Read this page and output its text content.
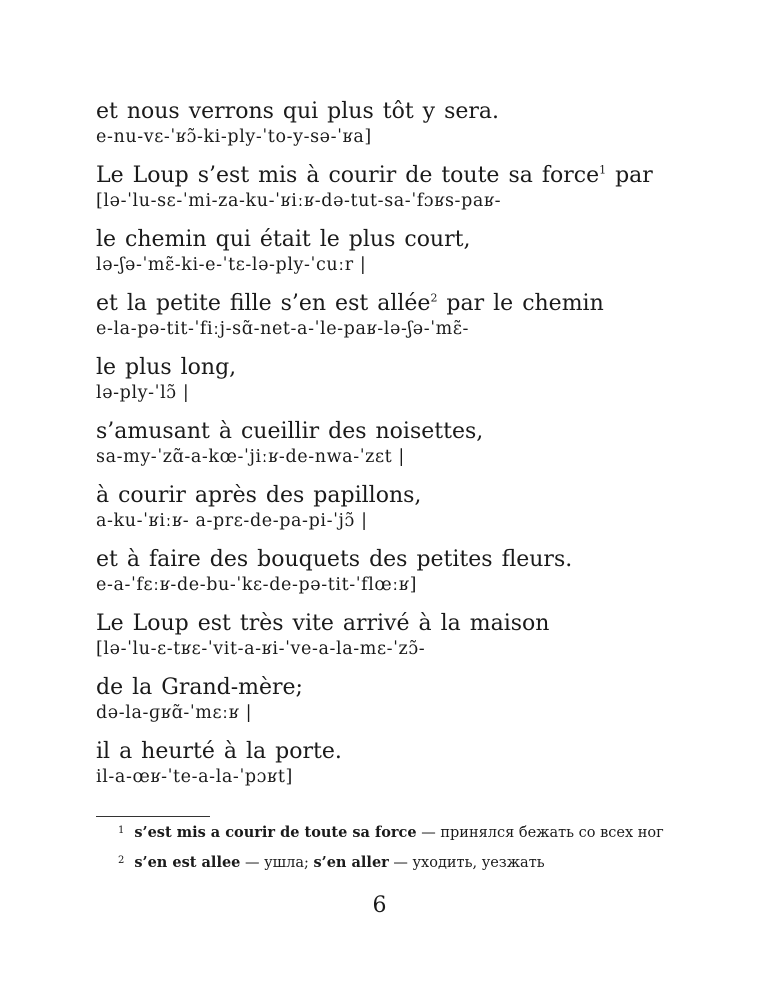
et nous verrons qui plus tôt y sera.
e-nu-vɛ-ˈʁɔ̃-ki-ply-ˈto-y-sə-ˈʁa]
Le Loup s’est mis à courir de toute sa force$^1$ par
[lə-ˈlu-sɛ-ˈmi-za-ku-ˈʁiːʁ-də-tut-sa-ˈfɔʁs-paʁ-
le chemin qui était le plus court,
lə-ʃə-ˈmɛ̃-ki-e-ˈtɛ-lə-ply-ˈcuːr |
et la petite fille s’en est allée$^2$ par le chemin
e-la-pə-tit-ˈfiːj-sɑ̃-net-a-ˈle-paʁ-lə-ʃə-ˈmɛ̃-
le plus long,
lə-ply-ˈlɔ̃ |
s’amusant à cueillir des noisettes,
sa-my-ˈzɑ̃-a-kœ-ˈjiːʁ-de-nwa-ˈzɛt |
à courir après des papillons,
a-ku-ˈʁiːʁ- a-prɛ-de-pa-pi-ˈjɔ̃ |
et à faire des bouquets des petites fleurs.
e-a-ˈfɛːʁ-de-bu-ˈkɛ-de-pə-tit-ˈflœːʁ]
Le Loup est très vite arrivé à la maison
[lə-ˈlu-ɛ-tʁɛ-ˈvit-a-ʁi-ˈve-a-la-mɛ-ˈzɔ̃-
de la Grand-mère;
də-la-ɡʁɑ̃-ˈmɛːʁ |
il a heurté à la porte.
il-a-œʁ-ˈte-a-la-ˈpɔʁt]
$^1$ s’est mis a courir de toute sa force — принялся бежать со всех ног
$^2$ s’en est allee — ушла; s’en aller — уходить, уезжать
6
